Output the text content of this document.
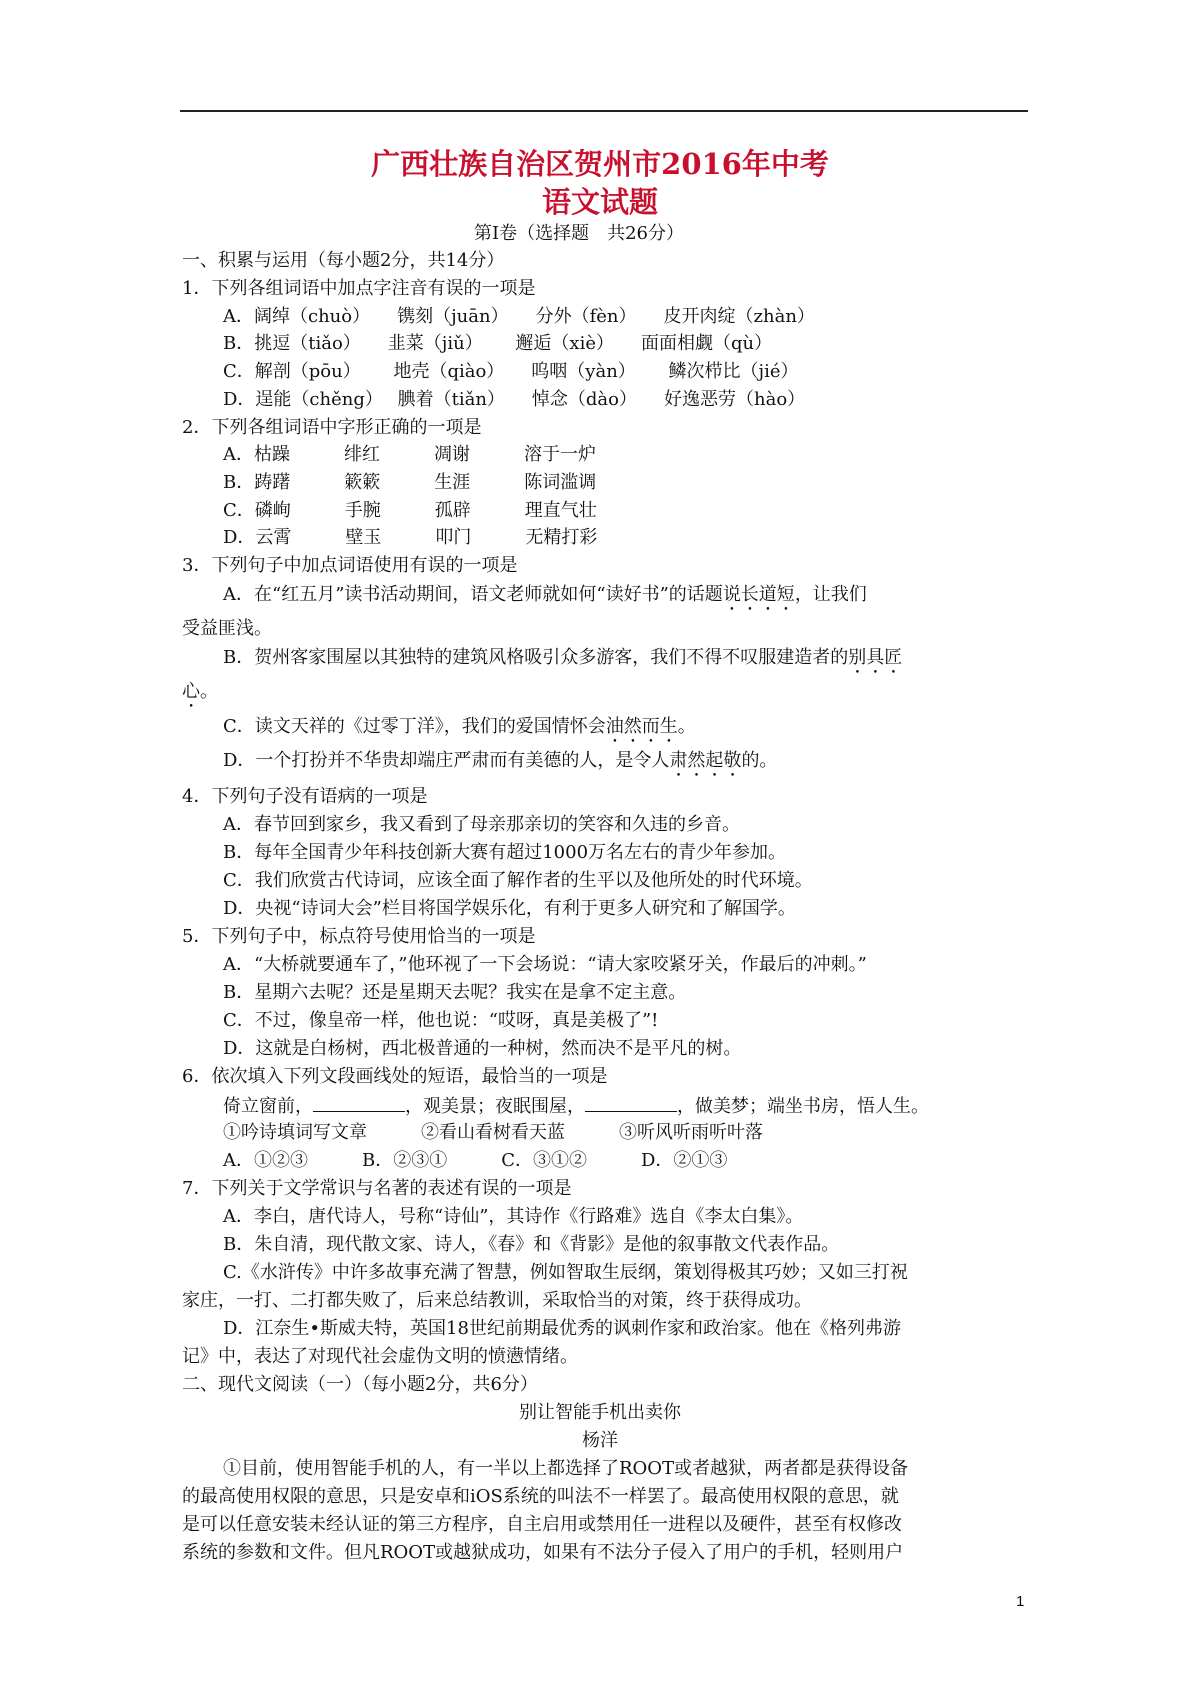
广西壮族自治区贺州市2016年中考
语文试题
第Ⅰ卷（选择题　共26分）
一、积累与运用（每小题2分，共14分）
1．下列各组词语中加点字注音有误的一项是
A．阔绰（chuò）　　镌刻（juān）　　分外（fèn）　　皮开肉绽（zhàn）
B．挑逗（tiǎo）　　韭菜（jiǔ）　　 邂逅（xiè）　　面面相觑（qù）
C．解剖（pōu）　　 地壳（qiào）　　呜咽（yàn）　　 鳞次栉比（jié）
D．逞能（chěng）　 腆着（tiǎn）　　悼念（dào）　　好逸恶劳（hào）
2．下列各组词语中字形正确的一项是
A．枯躁　　　绯红　　　凋谢　　　溶于一炉
B．踌躇　　　簌簌　　　生涯　　　陈词滥调
C．磷峋　　　手腕　　　孤辟　　　理直气壮
D．云霄　　　壁玉　　　叩门　　　无精打彩
3．下列句子中加点词语使用有误的一项是
A．在“红五月”读书活动期间，语文老师就如何“读好书”的话题说长道短，让我们
受益匪浅。
B．贺州客家围屋以其独特的建筑风格吸引众多游客，我们不得不叹服建造者的别具匠
心。
C．读文天祥的《过零丁洋》，我们的爱国情怀会油然而生。
D．一个打扮并不华贵却端庄严肃而有美德的人，是令人肃然起敬的。
4．下列句子没有语病的一项是
A．春节回到家乡，我又看到了母亲那亲切的笑容和久违的乡音。
B．每年全国青少年科技创新大赛有超过1000万名左右的青少年参加。
C．我们欣赏古代诗词，应该全面了解作者的生平以及他所处的时代环境。
D．央视“诗词大会”栏目将国学娱乐化，有利于更多人研究和了解国学。
5．下列句子中，标点符号使用恰当的一项是
A．“大桥就要通车了，”他环视了一下会场说：“请大家咬紧牙关，作最后的冲刺。”
B．星期六去呢？还是星期天去呢？我实在是拿不定主意。
C．不过，像皇帝一样，他也说：“哎呀，真是美极了”!
D．这就是白杨树，西北极普通的一种树，然而决不是平凡的树。
6．依次填入下列文段画线处的短语，最恰当的一项是
倚立窗前，	，观美景；夜眠围屋，	，做美梦；端坐书房，悟人生。
①吟诗填词写文章　　　②看山看树看天蓝　　　③听风听雨听叶落
A．①②③　　　B．②③①　　　C．③①②　　　D．②①③
7．下列关于文学常识与名著的表述有误的一项是
A．李白，唐代诗人，号称“诗仙”，其诗作《行路难》选自《李太白集》。
B．朱自清，现代散文家、诗人，《春》和《背影》是他的叙事散文代表作品。
C.《水浒传》中许多故事充满了智慧，例如智取生辰纲，策划得极其巧妙；又如三打祝
家庄，一打、二打都失败了，后来总结教训，采取恰当的对策，终于获得成功。
D．江奈生•斯威夫特，英国18世纪前期最优秀的讽刺作家和政治家。他在《格列弗游
记》中，表达了对现代社会虚伪文明的愤懑情绪。
二、现代文阅读（一）（每小题2分，共6分）
别让智能手机出卖你
杨洋
①目前，使用智能手机的人，有一半以上都选择了ROOT或者越狱，两者都是获得设备
的最高使用权限的意思，只是安卓和iOS系统的叫法不一样罢了。最高使用权限的意思，就
是可以任意安装未经认证的第三方程序，自主启用或禁用任一进程以及硬件，甚至有权修改
系统的参数和文件。但凡ROOT或越狱成功，如果有不法分子侵入了用户的手机，轻则用户
1
